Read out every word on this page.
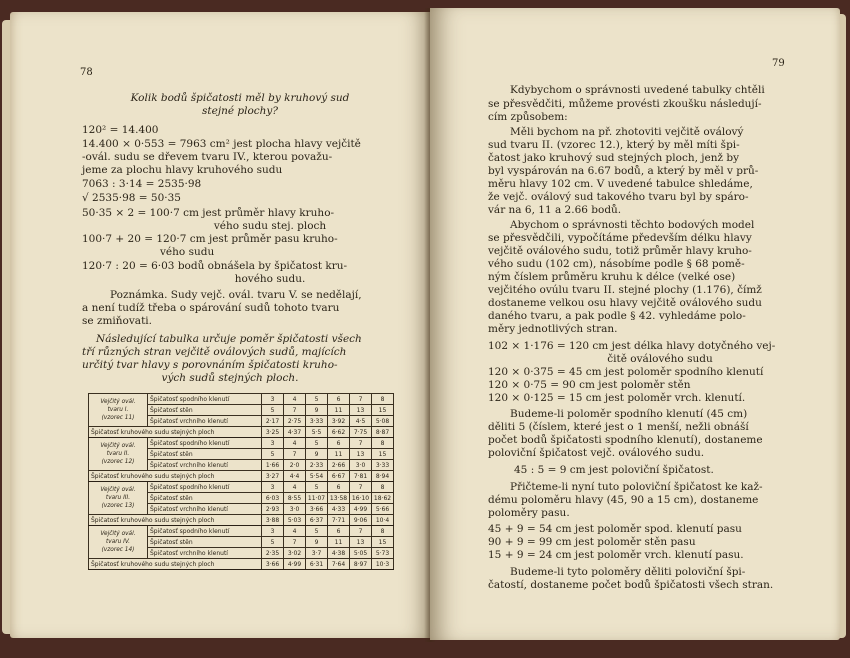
78
Kolik bodů špičatosti měl by kruhový sud
stejné plochy?
120² = 14.400
14.400 × 0·553 = 7963 cm² jest plocha hlavy vejčitě
-ovál. sudu se dřevem tvaru IV., kterou považu-
jeme za plochu hlavy kruhového sudu
7063 : 3·14 = 2535·98
√ 2535·98 = 50·35
50·35 × 2 = 100·7 cm jest průměr hlavy kruho-
vého sudu stej. ploch
100·7 + 20 = 120·7 cm jest průměr pasu kruho-
vého sudu
120·7 : 20 = 6·03 bodů obnášela by špičatost kru-
hového sudu.
Poznámka. Sudy vejč. ovál. tvaru V. se nedělají,
a není tudíž třeba o spárování sudů tohoto tvaru
se zmiňovati.
Následující tabulka určuje poměr špičatosti všech
tří různých stran vejčitě oválových sudů, majících
určitý tvar hlavy s porovnáním špičatosti kruho-
vých sudů stejných ploch.
Vejčitý ovál.
tvaru I.
(vzorec 11)	Špičatosť spodního klenutí	3	4	5	6	7	8
	Špičatosť stěn	5	7	9	11	13	15
	Špičatosť vrchního klenutí	2·17	2·75	3·33	3·92	4·5	5·08
Špičatosť kruhového sudu stejných ploch		3·25	4·37	5·5	6·62	7·75	8·87

Vejčitý ovál.
tvaru II.
(vzorec 12)	Špičatosť spodního klenutí	3	4	5	6	7	8
	Špičatosť stěn	5	7	9	11	13	15
	Špičatosť vrchního klenutí	1·66	2·0	2·33	2·66	3·0	3·33
Špičatosť kruhového sudu stejných ploch		3·27	4·4	5·54	6·67	7·81	8·94

Vejčitý ovál.
tvaru III.
(vzorec 13)	Špičatosť spodního klenutí	3	4	5	6	7	8
	Špičatosť stěn	6·03	8·55	11·07	13·58	16·10	18·62
	Špičatosť vrchního klenutí	2·93	3·0	3·66	4·33	4·99	5·66
Špičatosť kruhového sudu stejných ploch		3·88	5·03	6·37	7·71	9·06	10·4

Vejčitý ovál.
tvaru IV.
(vzorec 14)	Špičatosť spodního klenutí	3	4	5	6	7	8
	Špičatosť stěn	5	7	9	11	13	15
	Špičatosť vrchního klenutí	2·35	3·02	3·7	4·38	5·05	5·73
Špičatosť kruhového sudu stejných ploch		3·66	4·99	6·31	7·64	8·97	10·3
79
Kdybychom o správnosti uvedené tabulky chtěli
se přesvědčiti, můžeme provésti zkoušku následují-
cím způsobem:
Měli bychom na př. zhotoviti vejčitě oválový
sud tvaru II. (vzorec 12.), který by měl míti špi-
čatost jako kruhový sud stejných ploch, jenž by
byl vyspárován na 6.67 bodů, a který by měl v prů-
měru hlavy 102 cm. V uvedené tabulce shledáme,
že vejč. oválový sud takového tvaru byl by spáro-
vár na 6, 11 a 2.66 bodů.
Abychom o správnosti těchto bodových model
se přesvědčili, vypočítáme především délku hlavy
vejčitě oválového sudu, totiž průměr hlavy kruho-
vého sudu (102 cm), násobíme podle § 68 pomě-
ným číslem průměru kruhu k délce (velké ose)
vejčitého ovúlu tvaru II. stejné plochy (1.176), čímž
dostaneme velkou osu hlavy vejčitě oválového sudu
daného tvaru, a pak podle § 42. vyhledáme polo-
měry jednotlivých stran.
102 × 1·176 = 120 cm jest délka hlavy dotyčného vej-
čitě oválového sudu
120 × 0·375 = 45 cm jest poloměr spodního klenutí
120 × 0·75 = 90 cm jest poloměr stěn
120 × 0·125 = 15 cm jest poloměr vrch. klenutí.
Budeme-li poloměr spodního klenutí (45 cm)
děliti 5 (číslem, které jest o 1 menší, nežli obnáší
počet bodů špičatosti spodního klenutí), dostaneme
poloviční špičatost vejč. oválového sudu.
45 : 5 = 9 cm jest poloviční špičatost.
Přičteme-li nyní tuto poloviční špičatost ke kaž-
dému poloměru hlavy (45, 90 a 15 cm), dostaneme
poloměry pasu.
45 + 9 = 54 cm jest poloměr spod. klenutí pasu
90 + 9 = 99 cm jest poloměr stěn pasu
15 + 9 = 24 cm jest poloměr vrch. klenutí pasu.
Budeme-li tyto poloměry děliti poloviční špi-
čatostí, dostaneme počet bodů špičatosti všech stran.
